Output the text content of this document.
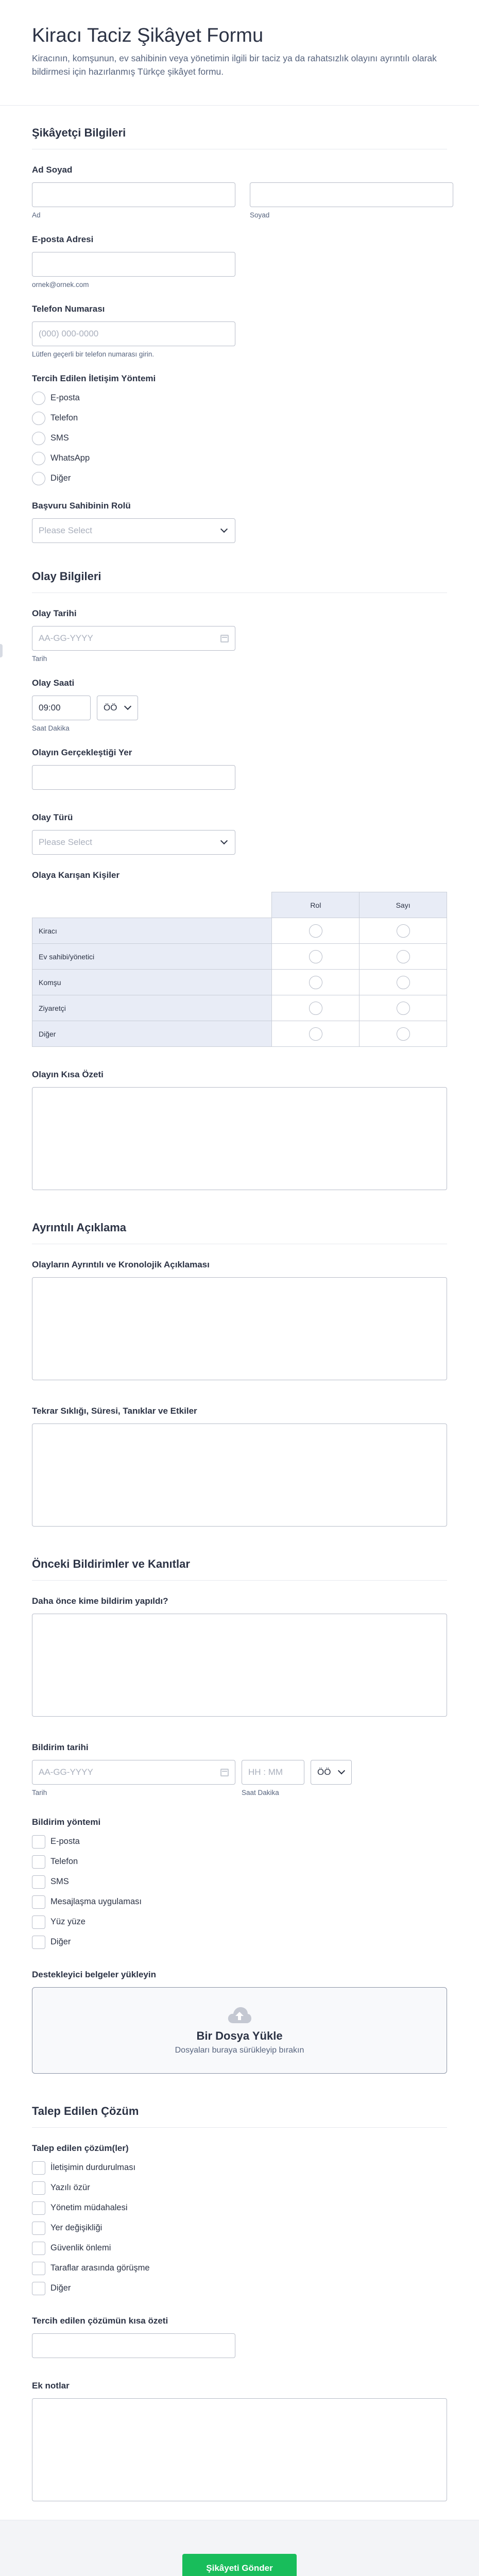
Kiracı Taciz Şikâyet Formu

Kiracının, komşunun, ev sahibinin veya yönetimin ilgili bir taciz ya da rahatsızlık olayını ayrıntılı olarak bildirmesi için hazırlanmış Türkçe şikâyet formu.

Şikâyetçi Bilgileri
Ad Soyad
Ad	Soyad
E-posta Adresi
ornek@ornek.com
Telefon Numarası
(000) 000-0000
Lütfen geçerli bir telefon numarası girin.
Tercih Edilen İletişim Yöntemi
E-posta
Telefon
SMS
WhatsApp
Diğer
Başvuru Sahibinin Rolü
Please Select
Olay Bilgileri
Olay Tarihi
AA-GG-YYYY
Tarih
Olay Saati
09:00	ÖÖ
Saat Dakika
Olayın Gerçekleştiği Yer
Olay Türü
Please Select
Olaya Karışan Kişiler
	Rol	Sayı
Kiracı		
Ev sahibi/yönetici		
Komşu		
Ziyaretçi		
Diğer		
Olayın Kısa Özeti
Ayrıntılı Açıklama
Olayların Ayrıntılı ve Kronolojik Açıklaması
Tekrar Sıklığı, Süresi, Tanıklar ve Etkiler
Önceki Bildirimler ve Kanıtlar
Daha önce kime bildirim yapıldı?
Bildirim tarihi
AA-GG-YYYY
Tarih
HH : MM
Saat Dakika
ÖÖ
Bildirim yöntemi
E-posta
Telefon
SMS
Mesajlaşma uygulaması
Yüz yüze
Diğer
Destekleyici belgeler yükleyin
Bir Dosya Yükle
Dosyaları buraya sürükleyip bırakın
Talep Edilen Çözüm
Talep edilen çözüm(ler)
İletişimin durdurulması
Yazılı özür
Yönetim müdahalesi
Yer değişikliği
Güvenlik önlemi
Taraflar arasında görüşme
Diğer
Tercih edilen çözümün kısa özeti
Ek notlar
Şikâyeti Gönder
